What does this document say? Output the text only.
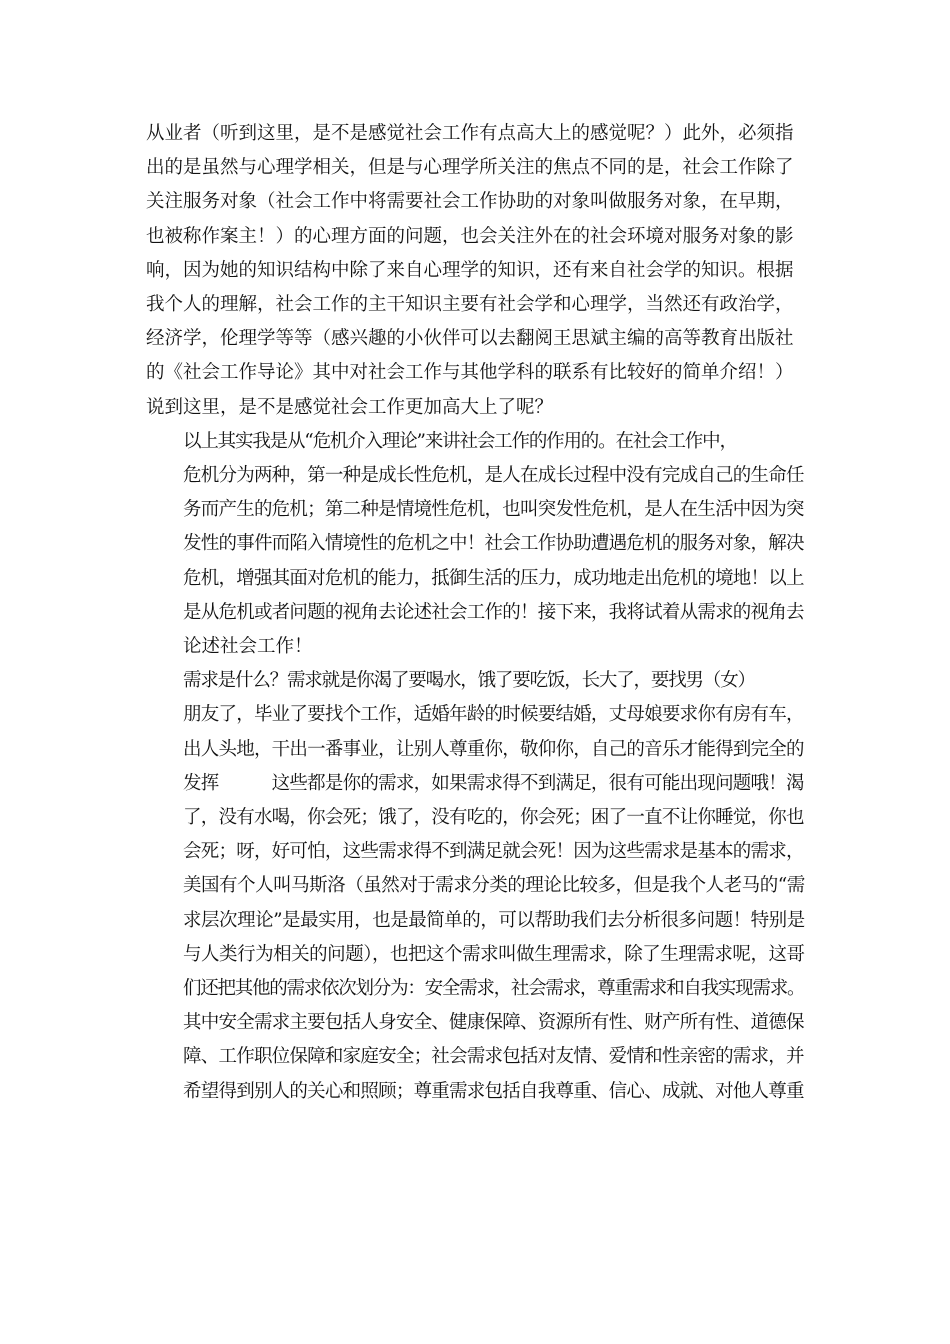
从业者（听到这里，是不是感觉社会工作有点高大上的感觉呢？）此外，必须指
出的是虽然与心理学相关，但是与心理学所关注的焦点不同的是，社会工作除了
关注服务对象（社会工作中将需要社会工作协助的对象叫做服务对象，在早期，
也被称作案主！）的心理方面的问题，也会关注外在的社会环境对服务对象的影
响，因为她的知识结构中除了来自心理学的知识，还有来自社会学的知识。根据
我个人的理解，社会工作的主干知识主要有社会学和心理学，当然还有政治学，
经济学，伦理学等等（感兴趣的小伙伴可以去翻阅王思斌主编的高等教育出版社
的《社会工作导论》其中对社会工作与其他学科的联系有比较好的简单介绍！）
说到这里，是不是感觉社会工作更加高大上了呢？

以上其实我是从“危机介入理论”来讲社会工作的作用的。在社会工作中，
危机分为两种，第一种是成长性危机，是人在成长过程中没有完成自己的生命任
务而产生的危机；第二种是情境性危机，也叫突发性危机，是人在生活中因为突
发性的事件而陷入情境性的危机之中！社会工作协助遭遇危机的服务对象，解决
危机，增强其面对危机的能力，抵御生活的压力，成功地走出危机的境地！以上
是从危机或者问题的视角去论述社会工作的！接下来，我将试着从需求的视角去
论述社会工作！

需求是什么？需求就是你渴了要喝水，饿了要吃饭，长大了，要找男（女）
朋友了，毕业了要找个工作，适婚年龄的时候要结婚，丈母娘要求你有房有车，
出人头地，干出一番事业，让别人尊重你，敬仰你，自己的音乐才能得到完全的
发挥　　　这些都是你的需求，如果需求得不到满足，很有可能出现问题哦！渴
了，没有水喝，你会死；饿了，没有吃的，你会死；困了一直不让你睡觉，你也
会死；呀，好可怕，这些需求得不到满足就会死！因为这些需求是基本的需求，
美国有个人叫马斯洛（虽然对于需求分类的理论比较多，但是我个人老马的“需
求层次理论”是最实用，也是最简单的，可以帮助我们去分析很多问题！特别是
与人类行为相关的问题），也把这个需求叫做生理需求，除了生理需求呢，这哥
们还把其他的需求依次划分为：安全需求，社会需求，尊重需求和自我实现需求。
其中安全需求主要包括人身安全、健康保障、资源所有性、财产所有性、道德保
障、工作职位保障和家庭安全；社会需求包括对友情、爱情和性亲密的需求，并
希望得到别人的关心和照顾；尊重需求包括自我尊重、信心、成就、对他人尊重
